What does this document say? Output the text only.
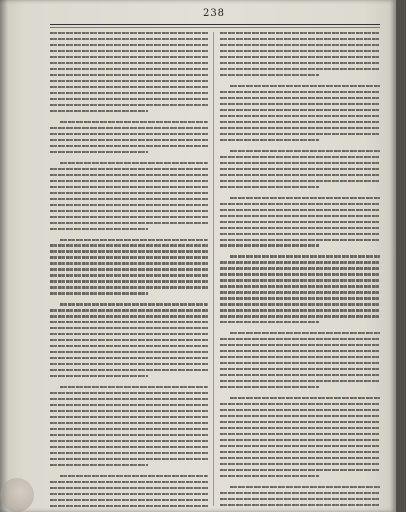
238
